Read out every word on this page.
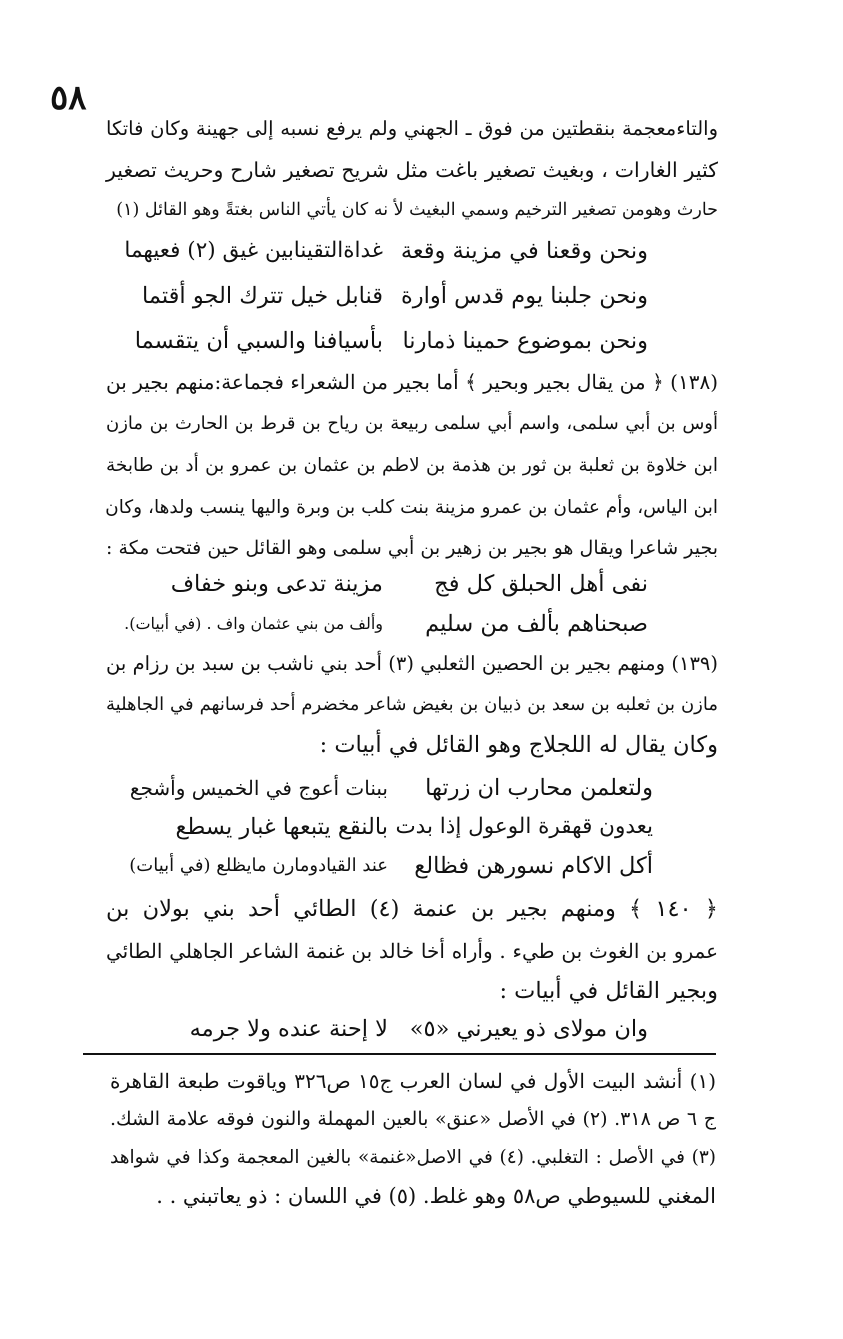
٥٨
والتاءمعجمة بنقطتين من فوق ـ الجهني ولم يرفع نسبه إلى جهينة وكان فاتكا
كثير الغارات ، وبغيث تصغير باغت مثل شريح تصغير شارح وحريث تصغير
حارث وهومن تصغير الترخيم وسمي البغيث لأ نه كان يأتي الناس بغتةً وهو القائل (١)
ونحن وقعنا في مزينة وقعة
غداةالتقينابين غيق (٢) فعيهما
ونحن جلبنا يوم قدس أوارة
قنابل خيل تترك الجو أقتما
ونحن بموضوع حمينا ذمارنا
بأسيافنا والسبي أن يتقسما
(١٣٨) ﴿ من يقال بجير وبحير ﴾ أما بجير من الشعراء فجماعة:منهم بجير بن
أوس بن أبي سلمى، واسم أبي سلمى ربيعة بن رياح بن قرط بن الحارث بن مازن
ابن خلاوة بن ثعلبة بن ثور بن هذمة بن لاطم بن عثمان بن عمرو بن أد بن طابخة
ابن الياس، وأم عثمان بن عمرو مزينة بنت كلب بن وبرة واليها ينسب ولدها، وكان
بجير شاعرا ويقال هو بجير بن زهير بن أبي سلمى وهو القائل حين فتحت مكة :
نفى أهل الحبلق كل فج
مزينة تدعى وبنو خفاف
صبحناهم بألف من سليم
وألف من بني عثمان واف . (في أبيات).
(١٣٩) ومنهم بجير بن الحصين الثعلبي (٣) أحد بني ناشب بن سبد بن رزام بن
مازن بن ثعلبه بن سعد بن ذبيان بن بغيض شاعر مخضرم أحد فرسانهم في الجاهلية
وكان يقال له اللجلاج وهو القائل في أبيات :
ولتعلمن محارب ان زرتها
ببنات أعوج في الخميس وأشجع
يعدون قهقرة الوعول إذا بدت
بالنقع يتبعها غبار يسطع
أكل الاكام نسورهن فظالع
عند القيادومارن مايظلع (في أبيات)
﴿ ١٤٠ ﴾ ومنهم بجير بن عنمة (٤) الطائي أحد بني بولان بن
عمرو بن الغوث بن طيء . وأراه أخا خالد بن غنمة الشاعر الجاهلي الطائي
وبجير القائل في أبيات :
وان مولاى ذو يعيرني «٥»
لا إحنة عنده ولا جرمه
(١) أنشد البيت الأول في لسان العرب ج١٥ ص٣٢٦ وياقوت طبعة القاهرة
ج ٦ ص ٣١٨. (٢) في الأصل «عنق» بالعين المهملة والنون فوقه علامة الشك.
(٣) في الأصل : التغلبي. (٤) في الاصل«غنمة» بالغين المعجمة وكذا في شواهد
المغني للسيوطي ص٥٨ وهو غلط. (٥) في اللسان : ذو يعاتبني . .
